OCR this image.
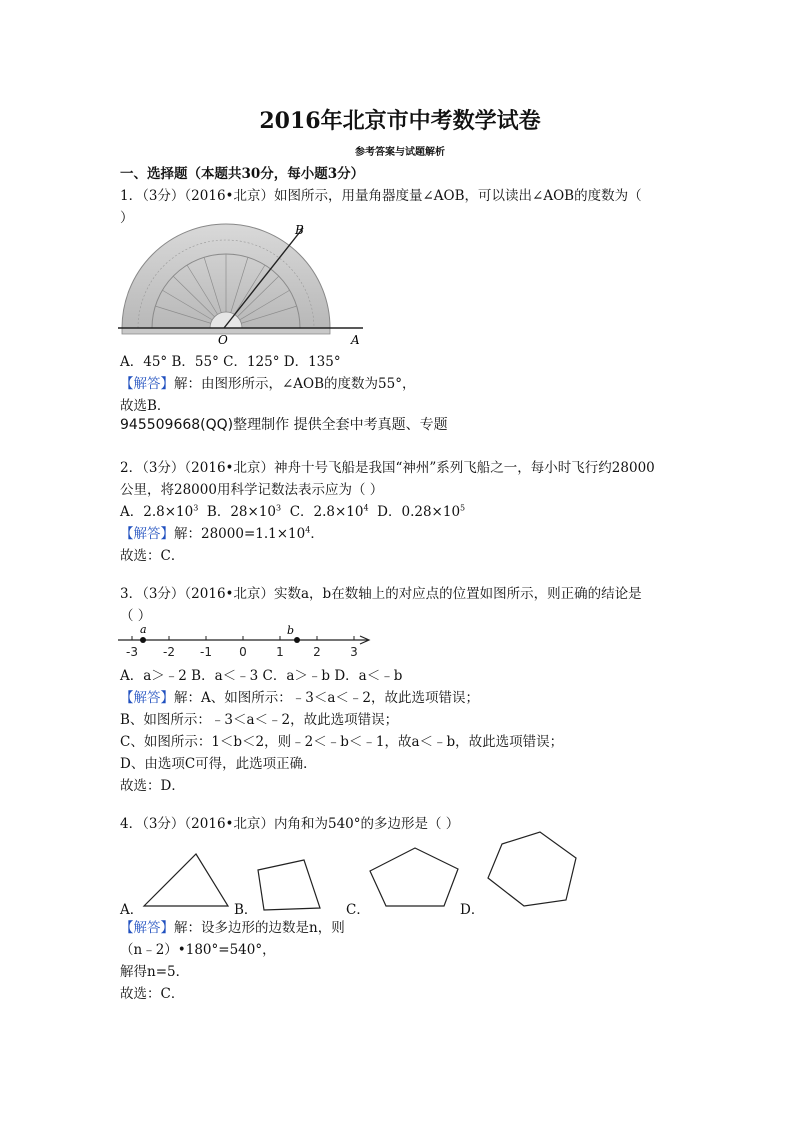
2016年北京市中考数学试卷
参考答案与试题解析
一、选择题（本题共30分，每小题3分）
1．（3分）（2016•北京）如图所示，用量角器度量∠AOB，可以读出∠AOB的度数为（
）
B
O	A
A．45° B．55° C．125° D．135°
【解答】解：由图形所示，∠AOB的度数为55°，
故选B．
945509668(QQ)整理制作 提供全套中考真题、专题
2．（3分）（2016•北京）神舟十号飞船是我国“神州”系列飞船之一，每小时飞行约28000
公里，将28000用科学记数法表示应为（ ）
A．$2.8\times 10^3$ B．$28\times 10^3$ C．$2.8\times 10^4$ D．$0.28\times 10^5$
【解答】解：$28000=1.1\times 10^4$．
故选：C．
3．（3分）（2016•北京）实数a，b在数轴上的对应点的位置如图所示，则正确的结论是
（ ）
-3 -2 -1 0 1 2 3
a	b
A．a＞﹣2 B．a＜﹣3 C．a＞﹣b D．a＜﹣b
【解答】解：A、如图所示：﹣3＜a＜﹣2，故此选项错误；
B、如图所示：﹣3＜a＜﹣2，故此选项错误；
C、如图所示：1＜b＜2，则﹣2＜﹣b＜﹣1，故a＜﹣b，故此选项错误；
D、由选项C可得，此选项正确．
故选：D．
4．（3分）（2016•北京）内角和为540°的多边形是（ ）
A．	B．	C．	D．
【解答】解：设多边形的边数是n，则
（n﹣2）•180°=540°，
解得n=5．
故选：C．
